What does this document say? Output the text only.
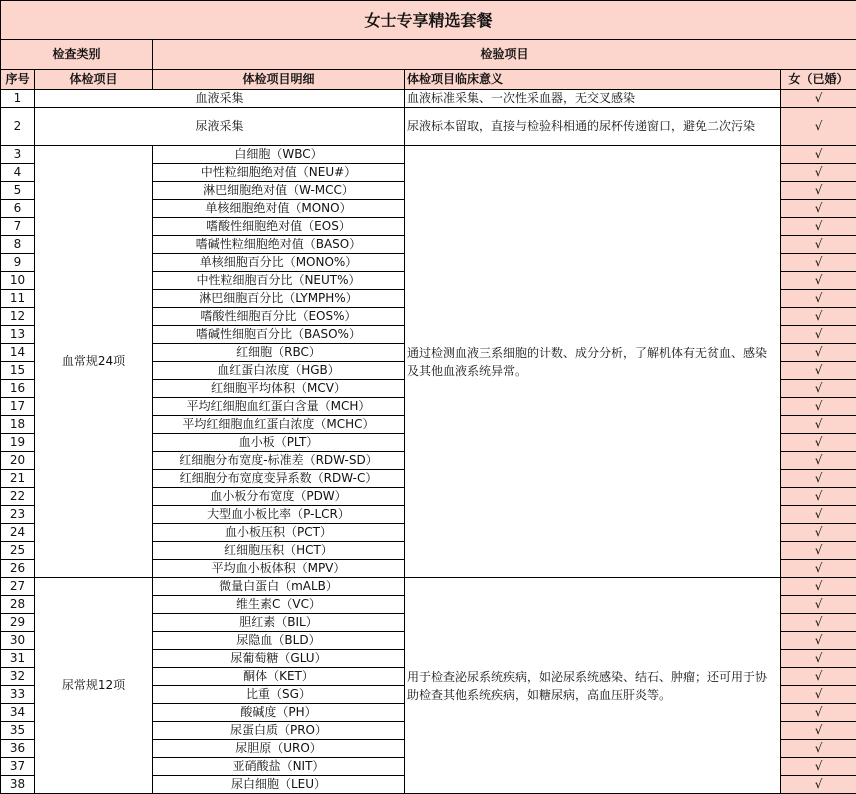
女士专享精选套餐				
检查类别		检验项目		
序号	体检项目	体检项目明细	体检项目临床意义	女（已婚）
1	血液采集		血液标准采集、一次性采血器，无交叉感染	√
2	尿液采集		尿液标本留取，直接与检验科相通的尿杯传递窗口，避免二次污染	√
3	血常规24项	白细胞（WBC）	通过检测血液三系细胞的计数、成分分析，了解机体有无贫血、感染及其他血液系统异常。	√
4		中性粒细胞绝对值（NEU#）		√
5		淋巴细胞绝对值（W-MCC）		√
6		单核细胞绝对值（MONO）		√
7		嗜酸性细胞绝对值（EOS）		√
8		嗜碱性粒细胞绝对值（BASO）		√
9		单核细胞百分比（MONO%）		√
10		中性粒细胞百分比（NEUT%）		√
11		淋巴细胞百分比（LYMPH%）		√
12		嗜酸性细胞百分比（EOS%）		√
13		嗜碱性细胞百分比（BASO%）		√
14		红细胞（RBC）		√
15		血红蛋白浓度（HGB）		√
16		红细胞平均体积（MCV）		√
17		平均红细胞血红蛋白含量（MCH）		√
18		平均红细胞血红蛋白浓度（MCHC）		√
19		血小板（PLT）		√
20		红细胞分布宽度-标准差（RDW-SD）		√
21		红细胞分布宽度变异系数（RDW-C）		√
22		血小板分布宽度（PDW）		√
23		大型血小板比率（P-LCR）		√
24		血小板压积（PCT）		√
25		红细胞压积（HCT）		√
26		平均血小板体积（MPV）		√
27	尿常规12项	微量白蛋白（mALB）	用于检查泌尿系统疾病，如泌尿系统感染、结石、肿瘤；还可用于协助检查其他系统疾病，如糖尿病，高血压肝炎等。	√
28		维生素C（VC）		√
29		胆红素（BIL）		√
30		尿隐血（BLD）		√
31		尿葡萄糖（GLU）		√
32		酮体（KET）		√
33		比重（SG）		√
34		酸碱度（PH）		√
35		尿蛋白质（PRO）		√
36		尿胆原（URO）		√
37		亚硝酸盐（NIT）		√
38		尿白细胞（LEU）		√
